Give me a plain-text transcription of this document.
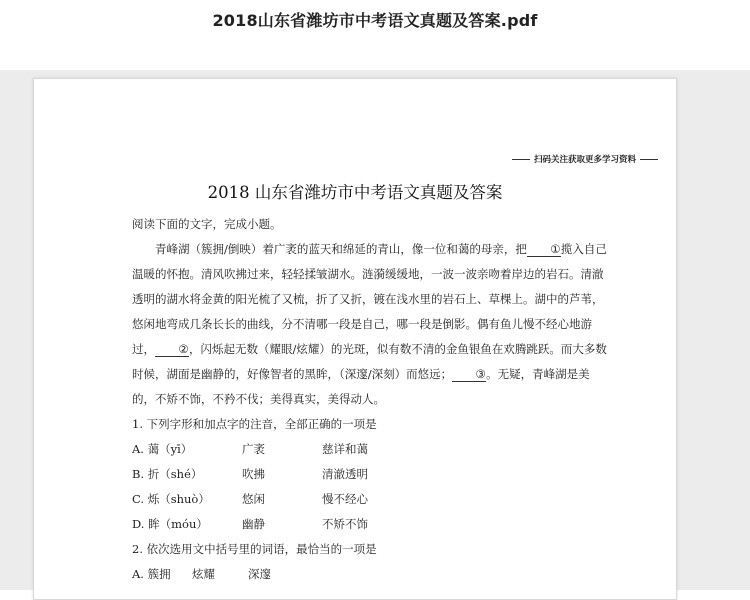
2018山东省潍坊市中考语文真题及答案.pdf
扫码关注获取更多学习资料
2018 山东省潍坊市中考语文真题及答案

阅读下面的文字，完成小题。

青峰湖（簇拥/倒映）着广袤的蓝天和绵延的青山，像一位和蔼的母亲，把 ①揽入自己温暖的怀抱。清风吹拂过来，轻轻揉皱湖水。涟漪缓缓地，一波一波亲吻着岸边的岩石。清澈透明的湖水将金黄的阳光梳了又梳，折了又折，镀在浅水里的岩石上、草棵上。湖中的芦苇，悠闲地弯成几条长长的曲线，分不清哪一段是自己，哪一段是倒影。偶有鱼儿慢不经心地游过， ②，闪烁起无数（耀眼/炫耀）的光斑，似有数不清的金鱼银鱼在欢腾跳跃。而大多数时候，湖面是幽静的，好像智者的黑眸，（深邃/深刻）而悠远； ③。无疑，青峰湖是美的，不矫不饰，不矜不伐；美得真实，美得动人。

1. 下列字形和加点字的注音，全部正确的一项是

A. 蔼（yī）	广袤	慈详和蔼
B. 折（shé）	吹拂	清澈透明
C. 烁（shuò）	悠闲	慢不经心
D. 眸（móu）	幽静	不矫不饰

2. 依次选用文中括号里的词语，最恰当的一项是

A. 簇拥	炫耀	深邃
